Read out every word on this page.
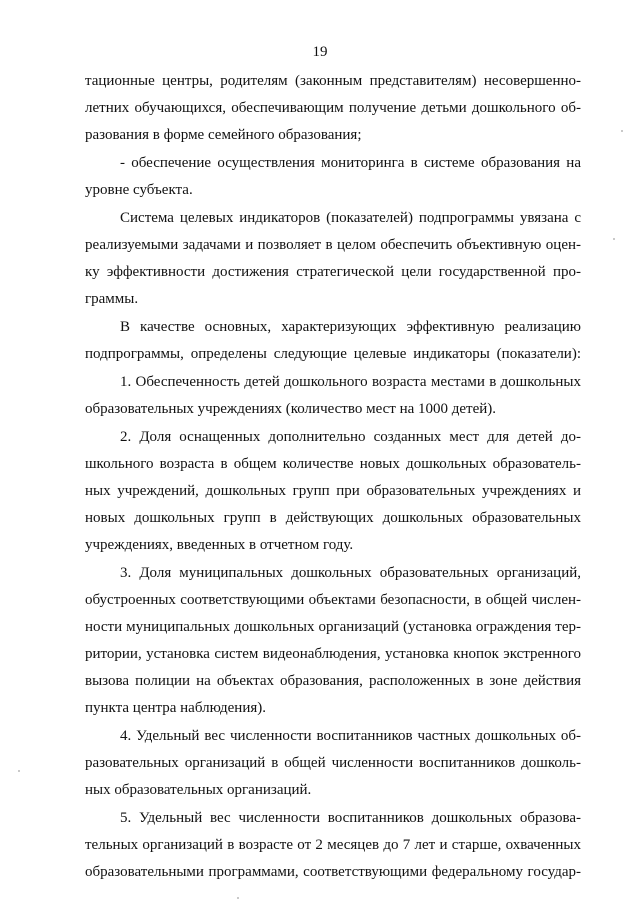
19
тационные центры, родителям (законным представителям) несовершенно-
летних обучающихся, обеспечивающим получение детьми дошкольного об-
разования в форме семейного образования;
- обеспечение осуществления мониторинга в системе образования на
уровне субъекта.
Система целевых индикаторов (показателей) подпрограммы увязана с
реализуемыми задачами и позволяет в целом обеспечить объективную оцен-
ку эффективности достижения стратегической цели государственной про-
граммы.
В качестве основных, характеризующих эффективную реализацию
подпрограммы, определены следующие целевые индикаторы (показатели):
1. Обеспеченность детей дошкольного возраста местами в дошкольных
образовательных учреждениях (количество мест на 1000 детей).
2. Доля оснащенных дополнительно созданных мест для детей до-
школьного возраста в общем количестве новых дошкольных образователь-
ных учреждений, дошкольных групп при образовательных учреждениях и
новых дошкольных групп в действующих дошкольных образовательных
учреждениях, введенных в отчетном году.
3. Доля муниципальных дошкольных образовательных организаций,
обустроенных соответствующими объектами безопасности, в общей числен-
ности муниципальных дошкольных организаций (установка ограждения тер-
ритории, установка систем видеонаблюдения, установка кнопок экстренного
вызова полиции на объектах образования, расположенных в зоне действия
пункта центра наблюдения).
4. Удельный вес численности воспитанников частных дошкольных об-
разовательных организаций в общей численности воспитанников дошколь-
ных образовательных организаций.
5. Удельный вес численности воспитанников дошкольных образова-
тельных организаций в возрасте от 2 месяцев до 7 лет и старше, охваченных
образовательными программами, соответствующими федеральному государ-
